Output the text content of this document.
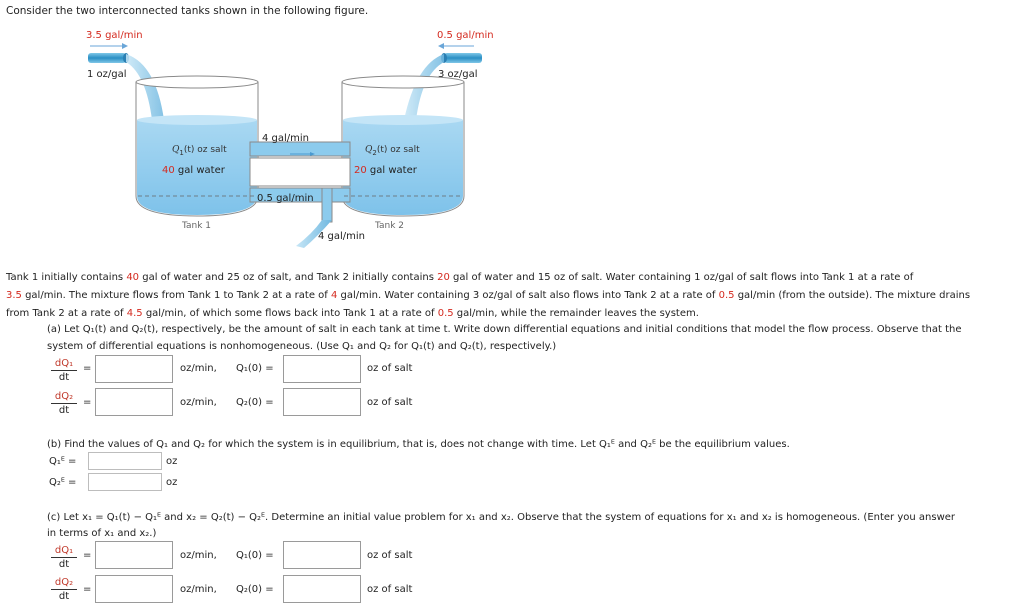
Consider the two interconnected tanks shown in the following figure.
3.5 gal/min
1 oz/gal
0.5 gal/min
3 oz/gal
4 gal/min
0.5 gal/min
4 gal/min
$Q_1(t)$ oz salt
40 gal water
$Q_2(t)$ oz salt
20 gal water
Tank 1	Tank 2
Tank 1 initially contains 40 gal of water and 25 oz of salt, and Tank 2 initially contains 20 gal of water and 15 oz of salt. Water containing 1 oz/gal of salt flows into Tank 1 at a rate of
3.5 gal/min. The mixture flows from Tank 1 to Tank 2 at a rate of 4 gal/min. Water containing 3 oz/gal of salt also flows into Tank 2 at a rate of 0.5 gal/min (from the outside). The mixture drains
from Tank 2 at a rate of 4.5 gal/min, of which some flows back into Tank 1 at a rate of 0.5 gal/min, while the remainder leaves the system.
(a) Let Q₁(t) and Q₂(t), respectively, be the amount of salt in each tank at time t. Write down differential equations and initial conditions that model the flow process. Observe that the
system of differential equations is nonhomogeneous. (Use Q₁ and Q₂ for Q₁(t) and Q₂(t), respectively.)
$\frac{\text{dQ₁}}{dt}$ =	oz/min, Q₁(0) =	oz of salt
$\frac{\text{dQ₂}}{dt}$ =	oz/min, Q₂(0) =	oz of salt
(b) Find the values of Q₁ and Q₂ for which the system is in equilibrium, that is, does not change with time. Let Q₁ᴱ and Q₂ᴱ be the equilibrium values.
Q₁ᴱ =	oz
Q₂ᴱ =	oz
(c) Let x₁ = Q₁(t) − Q₁ᴱ and x₂ = Q₂(t) − Q₂ᴱ. Determine an initial value problem for x₁ and x₂. Observe that the system of equations for x₁ and x₂ is homogeneous. (Enter you answer
in terms of x₁ and x₂.)
$\frac{\text{dQ₁}}{dt}$ =	oz/min, Q₁(0) =	oz of salt
$\frac{\text{dQ₂}}{dt}$ =	oz/min, Q₂(0) =	oz of salt
